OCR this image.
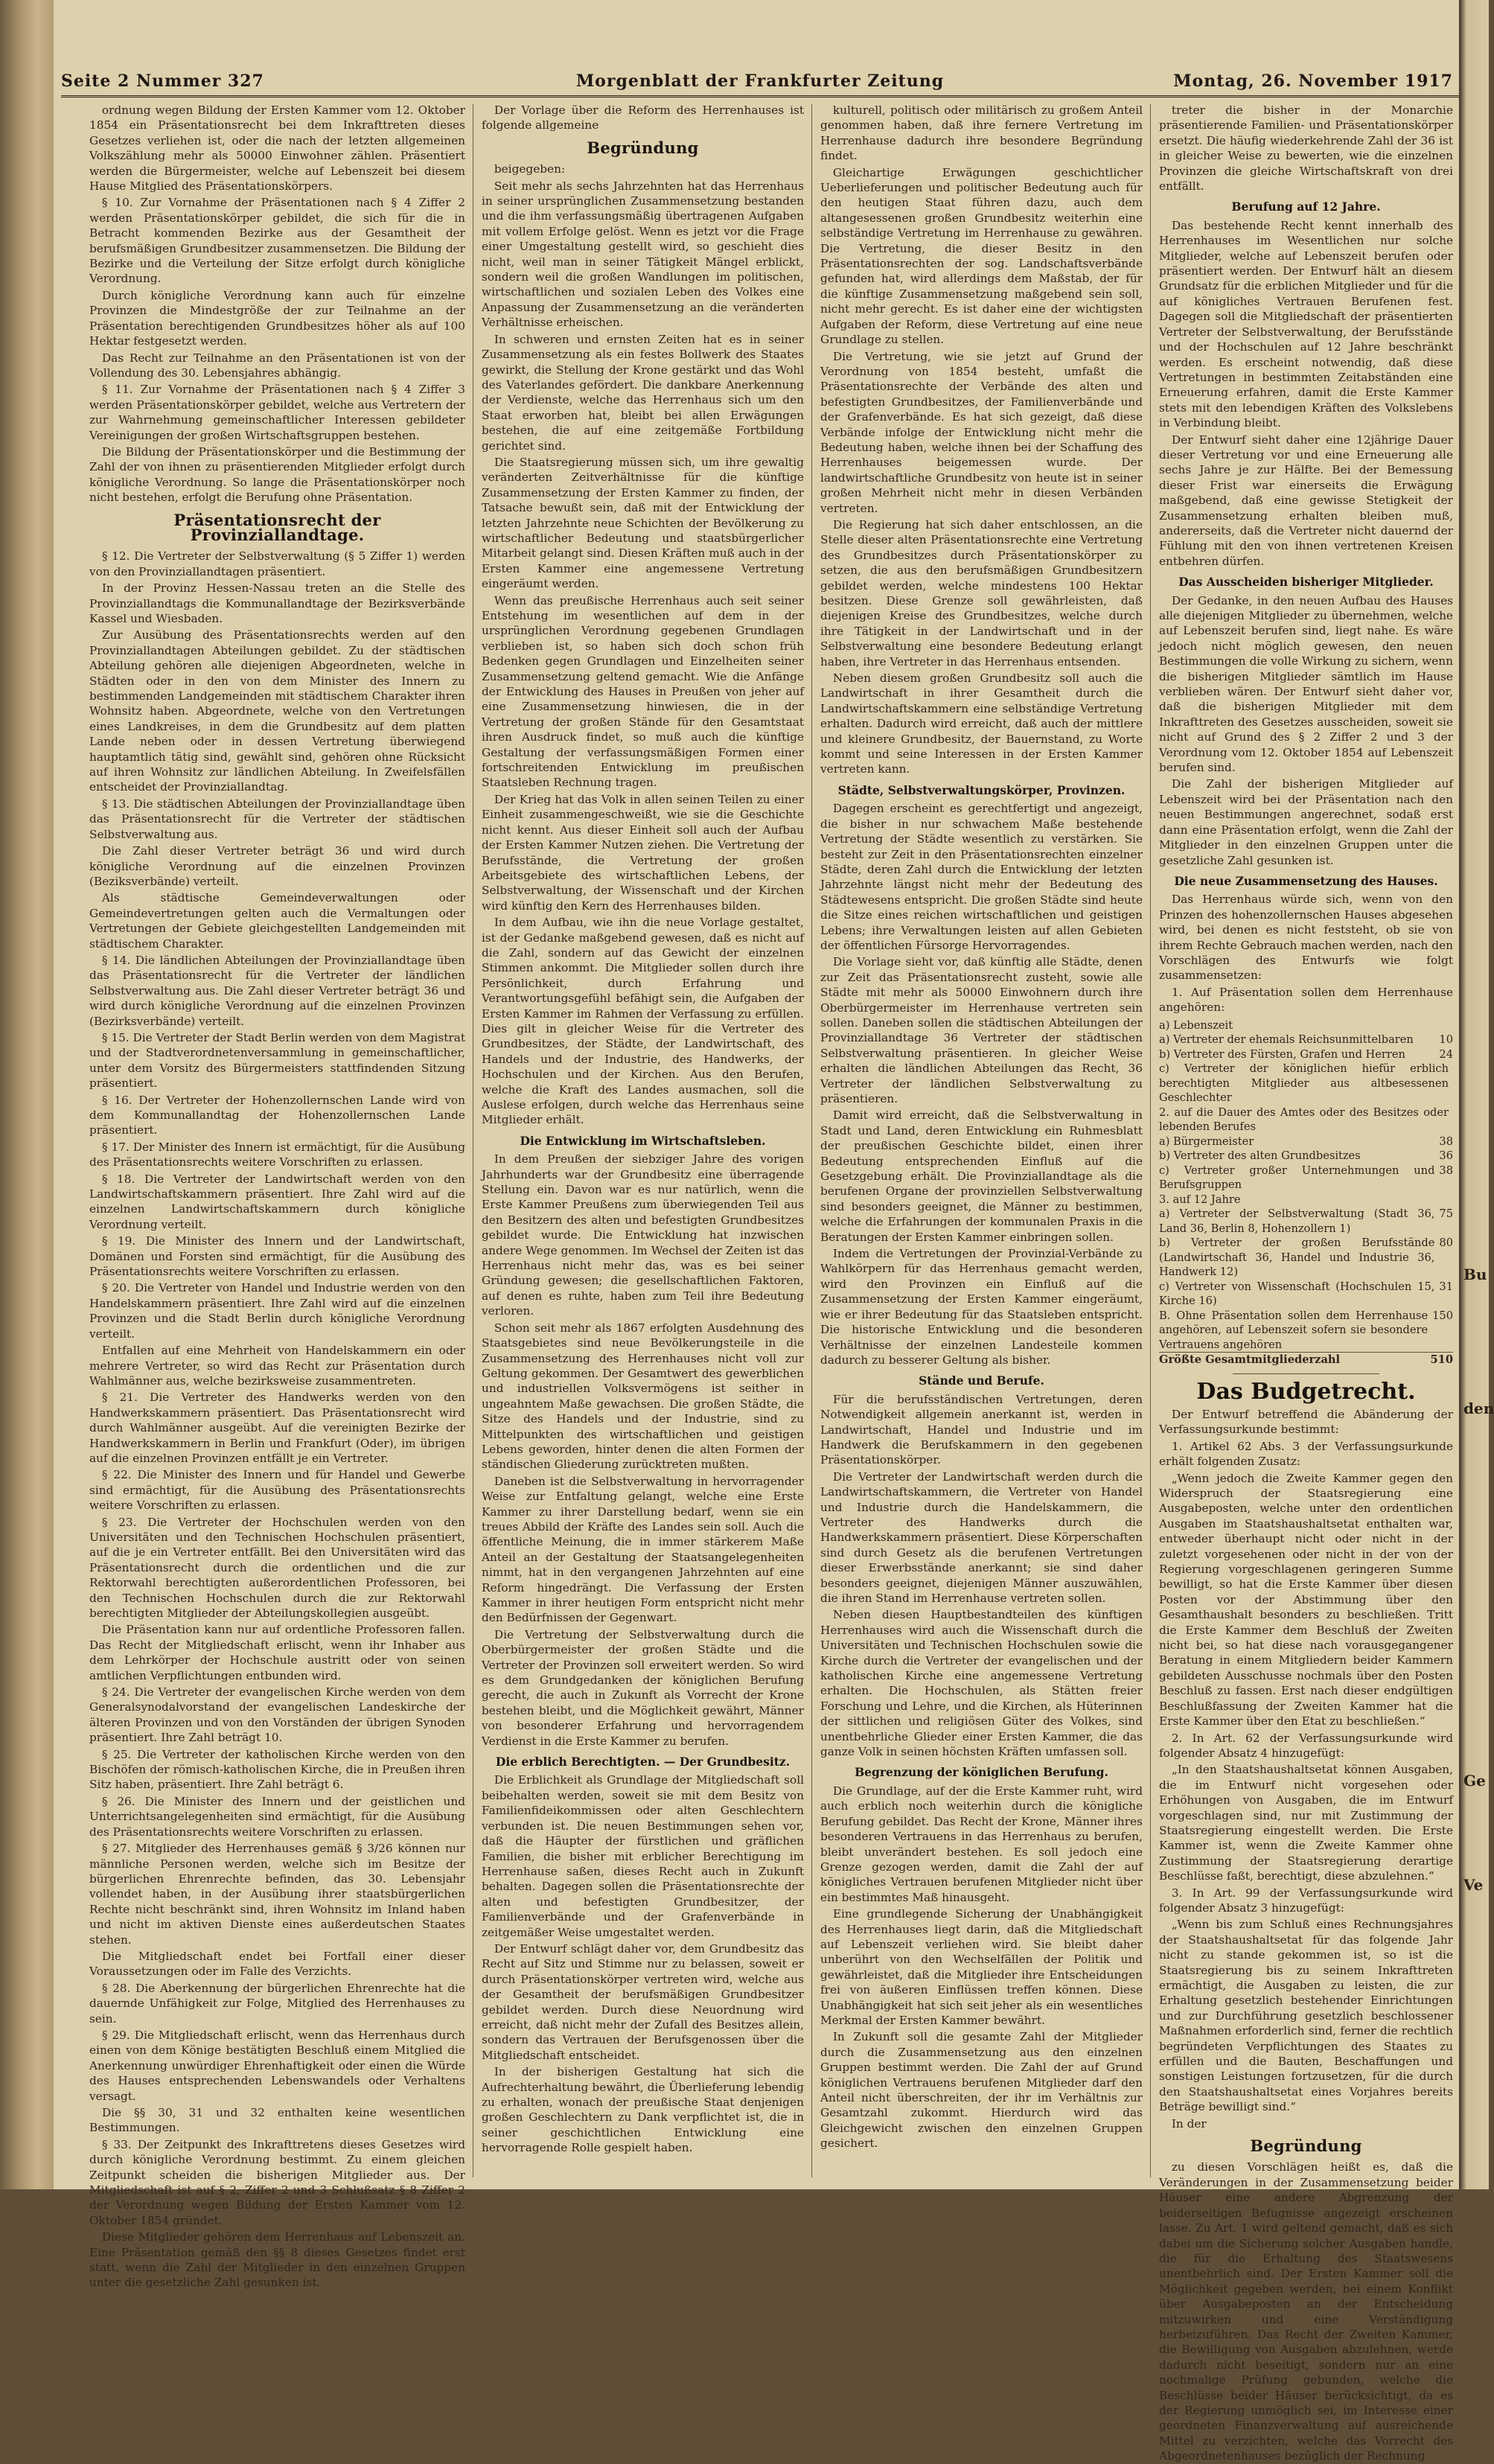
Seite 2 Nummer 327	Morgenblatt der Frankfurter Zeitung	Montag, 26. November 1917

ordnung wegen Bildung der Ersten Kammer vom 12. Oktober 1854 ein Präsentationsrecht bei dem Inkrafttreten dieses Gesetzes verliehen ist, oder die nach der letzten allgemeinen Volkszählung mehr als 50000 Einwohner zählen. Präsentiert werden die Bürgermeister, welche auf Lebenszeit bei diesem Hause Mitglied des Präsentationskörpers.

§ 10. Zur Vornahme der Präsentationen nach § 4 Ziffer 2 werden Präsentationskörper gebildet, die sich für die in Betracht kommenden Bezirke aus der Gesamtheit der berufsmäßigen Grundbesitzer zusammensetzen. Die Bildung der Bezirke und die Verteilung der Sitze erfolgt durch königliche Verordnung.

Durch königliche Verordnung kann auch für einzelne Provinzen die Mindestgröße der zur Teilnahme an der Präsentation berechtigenden Grundbesitzes höher als auf 100 Hektar festgesetzt werden.

Das Recht zur Teilnahme an den Präsentationen ist von der Vollendung des 30. Lebensjahres abhängig.

§ 11. Zur Vornahme der Präsentationen nach § 4 Ziffer 3 werden Präsentationskörper gebildet, welche aus Vertretern der zur Wahrnehmung gemeinschaftlicher Interessen gebildeter Vereinigungen der großen Wirtschaftsgruppen bestehen.

Die Bildung der Präsentationskörper und die Bestimmung der Zahl der von ihnen zu präsentierenden Mitglieder erfolgt durch königliche Verordnung. So lange die Präsentationskörper noch nicht bestehen, erfolgt die Berufung ohne Präsentation.

Präsentationsrecht der Provinziallandtage.

§ 12. Die Vertreter der Selbstverwaltung (§ 5 Ziffer 1) werden von den Provinziallandtagen präsentiert.

In der Provinz Hessen-Nassau treten an die Stelle des Provinziallandtags die Kommunallandtage der Bezirksverbände Kassel und Wiesbaden.

Zur Ausübung des Präsentationsrechts werden auf den Provinziallandtagen Abteilungen gebildet. Zu der städtischen Abteilung gehören alle diejenigen Abgeordneten, welche in Städten oder in den von dem Minister des Innern zu bestimmenden Landgemeinden mit städtischem Charakter ihren Wohnsitz haben. Abgeordnete, welche von den Vertretungen eines Landkreises, in dem die Grundbesitz auf dem platten Lande neben oder in dessen Vertretung überwiegend hauptamtlich tätig sind, gewählt sind, gehören ohne Rücksicht auf ihren Wohnsitz zur ländlichen Abteilung. In Zweifelsfällen entscheidet der Provinziallandtag.

§ 13. Die städtischen Abteilungen der Provinziallandtage üben das Präsentationsrecht für die Vertreter der städtischen Selbstverwaltung aus.

Die Zahl dieser Vertreter beträgt 36 und wird durch königliche Verordnung auf die einzelnen Provinzen (Beziksverbände) verteilt.

Als städtische Gemeindeverwaltungen oder Gemeindevertretungen gelten auch die Vermaltungen oder Vertretungen der Gebiete gleichgestellten Landgemeinden mit städtischem Charakter.

§ 14. Die ländlichen Abteilungen der Provinziallandtage üben das Präsentationsrecht für die Vertreter der ländlichen Selbstverwaltung aus. Die Zahl dieser Vertreter beträgt 36 und wird durch königliche Verordnung auf die einzelnen Provinzen (Bezirksverbände) verteilt.

§ 15. Die Vertreter der Stadt Berlin werden von dem Magistrat und der Stadtverordnetenversammlung in gemeinschaftlicher, unter dem Vorsitz des Bürgermeisters stattfindenden Sitzung präsentiert.

§ 16. Der Vertreter der Hohenzollernschen Lande wird von dem Kommunallandtag der Hohenzollernschen Lande präsentiert.

§ 17. Der Minister des Innern ist ermächtigt, für die Ausübung des Präsentationsrechts weitere Vorschriften zu erlassen.

§ 18. Die Vertreter der Landwirtschaft werden von den Landwirtschaftskammern präsentiert. Ihre Zahl wird auf die einzelnen Landwirtschaftskammern durch königliche Verordnung verteilt.

§ 19. Die Minister des Innern und der Landwirtschaft, Domänen und Forsten sind ermächtigt, für die Ausübung des Präsentationsrechts weitere Vorschriften zu erlassen.

§ 20. Die Vertreter von Handel und Industrie werden von den Handelskammern präsentiert. Ihre Zahl wird auf die einzelnen Provinzen und die Stadt Berlin durch königliche Verordnung verteilt.

Entfallen auf eine Mehrheit von Handelskammern ein oder mehrere Vertreter, so wird das Recht zur Präsentation durch Wahlmänner aus, welche bezirksweise zusammentreten.

§ 21. Die Vertreter des Handwerks werden von den Handwerkskammern präsentiert. Das Präsentationsrecht wird durch Wahlmänner ausgeübt. Auf die vereinigten Bezirke der Handwerkskammern in Berlin und Frankfurt (Oder), im übrigen auf die einzelnen Provinzen entfällt je ein Vertreter.

§ 22. Die Minister des Innern und für Handel und Gewerbe sind ermächtigt, für die Ausübung des Präsentationsrechts weitere Vorschriften zu erlassen.

§ 23. Die Vertreter der Hochschulen werden von den Universitäten und den Technischen Hochschulen präsentiert, auf die je ein Vertreter entfällt. Bei den Universitäten wird das Präsentationsrecht durch die ordentlichen und die zur Rektorwahl berechtigten außerordentlichen Professoren, bei den Technischen Hochschulen durch die zur Rektorwahl berechtigten Mitglieder der Abteilungskollegien ausgeübt.

Die Präsentation kann nur auf ordentliche Professoren fallen. Das Recht der Mitgliedschaft erlischt, wenn ihr Inhaber aus dem Lehrkörper der Hochschule austritt oder von seinen amtlichen Verpflichtungen entbunden wird.

§ 24. Die Vertreter der evangelischen Kirche werden von dem Generalsynodalvorstand der evangelischen Landeskirche der älteren Provinzen und von den Vorständen der übrigen Synoden präsentiert. Ihre Zahl beträgt 10.

§ 25. Die Vertreter der katholischen Kirche werden von den Bischöfen der römisch-katholischen Kirche, die in Preußen ihren Sitz haben, präsentiert. Ihre Zahl beträgt 6.

§ 26. Die Minister des Innern und der geistlichen und Unterrichtsangelegenheiten sind ermächtigt, für die Ausübung des Präsentationsrechts weitere Vorschriften zu erlassen.

§ 27. Mitglieder des Herrenhauses gemäß § 3/26 können nur männliche Personen werden, welche sich im Besitze der bürgerlichen Ehrenrechte befinden, das 30. Lebensjahr vollendet haben, in der Ausübung ihrer staatsbürgerlichen Rechte nicht beschränkt sind, ihren Wohnsitz im Inland haben und nicht im aktiven Dienste eines außerdeutschen Staates stehen.

Die Mitgliedschaft endet bei Fortfall einer dieser Voraussetzungen oder im Falle des Verzichts.

§ 28. Die Aberkennung der bürgerlichen Ehrenrechte hat die dauernde Unfähigkeit zur Folge, Mitglied des Herrenhauses zu sein.

§ 29. Die Mitgliedschaft erlischt, wenn das Herrenhaus durch einen von dem Könige bestätigten Beschluß einem Mitglied die Anerkennung unwürdiger Ehrenhaftigkeit oder einen die Würde des Hauses entsprechenden Lebenswandels oder Verhaltens versagt.

Die §§ 30, 31 und 32 enthalten keine wesentlichen Bestimmungen.

§ 33. Der Zeitpunkt des Inkrafttretens dieses Gesetzes wird durch königliche Verordnung bestimmt. Zu einem gleichen Zeitpunkt scheiden die bisherigen Mitglieder aus. Der Mitgliedschaft ist auf § 2, Ziffer 2 und 3 Schlußsatz § 8 Ziffer 2 der Verordnung wegen Bildung der Ersten Kammer vom 12. Oktober 1854 gründet.

Diese Mitglieder gehören dem Herrenhaus auf Lebenszeit an. Eine Präsentation gemäß den §§ 8 dieses Gesetzes findet erst statt, wenn die Zahl der Mitglieder in den einzelnen Gruppen unter die gesetzliche Zahl gesunken ist.

Der Vorlage über die Reform des Herrenhauses ist folgende allgemeine

Begründung

beigegeben:

Seit mehr als sechs Jahrzehnten hat das Herrenhaus in seiner ursprünglichen Zusammensetzung bestanden und die ihm verfassungsmäßig übertragenen Aufgaben mit vollem Erfolge gelöst. Wenn es jetzt vor die Frage einer Umgestaltung gestellt wird, so geschieht dies nicht, weil man in seiner Tätigkeit Mängel erblickt, sondern weil die großen Wandlungen im politischen, wirtschaftlichen und sozialen Leben des Volkes eine Anpassung der Zusammensetzung an die veränderten Verhältnisse erheischen.

In schweren und ernsten Zeiten hat es in seiner Zusammensetzung als ein festes Bollwerk des Staates gewirkt, die Stellung der Krone gestärkt und das Wohl des Vaterlandes gefördert. Die dankbare Anerkennung der Verdienste, welche das Herrenhaus sich um den Staat erworben hat, bleibt bei allen Erwägungen bestehen, die auf eine zeitgemäße Fortbildung gerichtet sind.

Die Staatsregierung müssen sich, um ihre gewaltig veränderten Zeitverhältnisse für die künftige Zusammensetzung der Ersten Kammer zu finden, der Tatsache bewußt sein, daß mit der Entwicklung der letzten Jahrzehnte neue Schichten der Bevölkerung zu wirtschaftlicher Bedeutung und staatsbürgerlicher Mitarbeit gelangt sind. Diesen Kräften muß auch in der Ersten Kammer eine angemessene Vertretung eingeräumt werden.

Wenn das preußische Herrenhaus auch seit seiner Entstehung im wesentlichen auf dem in der ursprünglichen Verordnung gegebenen Grundlagen verblieben ist, so haben sich doch schon früh Bedenken gegen Grundlagen und Einzelheiten seiner Zusammensetzung geltend gemacht. Wie die Anfänge der Entwicklung des Hauses in Preußen von jeher auf eine Zusammensetzung hinwiesen, die in der Vertretung der großen Stände für den Gesamtstaat ihren Ausdruck findet, so muß auch die künftige Gestaltung der verfassungsmäßigen Formen einer fortschreitenden Entwicklung im preußischen Staatsleben Rechnung tragen.

Der Krieg hat das Volk in allen seinen Teilen zu einer Einheit zusammengeschweißt, wie sie die Geschichte nicht kennt. Aus dieser Einheit soll auch der Aufbau der Ersten Kammer Nutzen ziehen. Die Vertretung der Berufsstände, die Vertretung der großen Arbeitsgebiete des wirtschaftlichen Lebens, der Selbstverwaltung, der Wissenschaft und der Kirchen wird künftig den Kern des Herrenhauses bilden.

In dem Aufbau, wie ihn die neue Vorlage gestaltet, ist der Gedanke maßgebend gewesen, daß es nicht auf die Zahl, sondern auf das Gewicht der einzelnen Stimmen ankommt. Die Mitglieder sollen durch ihre Persönlichkeit, durch Erfahrung und Verantwortungsgefühl befähigt sein, die Aufgaben der Ersten Kammer im Rahmen der Verfassung zu erfüllen. Dies gilt in gleicher Weise für die Vertreter des Grundbesitzes, der Städte, der Landwirtschaft, des Handels und der Industrie, des Handwerks, der Hochschulen und der Kirchen. Aus den Berufen, welche die Kraft des Landes ausmachen, soll die Auslese erfolgen, durch welche das Herrenhaus seine Mitglieder erhält.

Die Entwicklung im Wirtschaftsleben.

In dem Preußen der siebziger Jahre des vorigen Jahrhunderts war der Grundbesitz eine überragende Stellung ein. Davon war es nur natürlich, wenn die Erste Kammer Preußens zum überwiegenden Teil aus den Besitzern des alten und befestigten Grundbesitzes gebildet wurde. Die Entwicklung hat inzwischen andere Wege genommen. Im Wechsel der Zeiten ist das Herrenhaus nicht mehr das, was es bei seiner Gründung gewesen; die gesellschaftlichen Faktoren, auf denen es ruhte, haben zum Teil ihre Bedeutung verloren.

Schon seit mehr als 1867 erfolgten Ausdehnung des Staatsgebietes sind neue Bevölkerungsteile in die Zusammensetzung des Herrenhauses nicht voll zur Geltung gekommen. Der Gesamtwert des gewerblichen und industriellen Volksvermögens ist seither in ungeahntem Maße gewachsen. Die großen Städte, die Sitze des Handels und der Industrie, sind zu Mittelpunkten des wirtschaftlichen und geistigen Lebens geworden, hinter denen die alten Formen der ständischen Gliederung zurücktreten mußten.

Daneben ist die Selbstverwaltung in hervorragender Weise zur Entfaltung gelangt, welche eine Erste Kammer zu ihrer Darstellung bedarf, wenn sie ein treues Abbild der Kräfte des Landes sein soll. Auch die öffentliche Meinung, die in immer stärkerem Maße Anteil an der Gestaltung der Staatsangelegenheiten nimmt, hat in den vergangenen Jahrzehnten auf eine Reform hingedrängt. Die Verfassung der Ersten Kammer in ihrer heutigen Form entspricht nicht mehr den Bedürfnissen der Gegenwart.

Die Vertretung der Selbstverwaltung durch die Oberbürgermeister der großen Städte und die Vertreter der Provinzen soll erweitert werden. So wird es dem Grundgedanken der königlichen Berufung gerecht, die auch in Zukunft als Vorrecht der Krone bestehen bleibt, und die Möglichkeit gewährt, Männer von besonderer Erfahrung und hervorragendem Verdienst in die Erste Kammer zu berufen.

Die erblich Berechtigten. — Der Grundbesitz.

Die Erblichkeit als Grundlage der Mitgliedschaft soll beibehalten werden, soweit sie mit dem Besitz von Familienfideikommissen oder alten Geschlechtern verbunden ist. Die neuen Bestimmungen sehen vor, daß die Häupter der fürstlichen und gräflichen Familien, die bisher mit erblicher Berechtigung im Herrenhause saßen, dieses Recht auch in Zukunft behalten. Dagegen sollen die Präsentationsrechte der alten und befestigten Grundbesitzer, der Familienverbände und der Grafenverbände in zeitgemäßer Weise umgestaltet werden.

Der Entwurf schlägt daher vor, dem Grundbesitz das Recht auf Sitz und Stimme nur zu belassen, soweit er durch Präsentationskörper vertreten wird, welche aus der Gesamtheit der berufsmäßigen Grundbesitzer gebildet werden. Durch diese Neuordnung wird erreicht, daß nicht mehr der Zufall des Besitzes allein, sondern das Vertrauen der Berufsgenossen über die Mitgliedschaft entscheidet.

In der bisherigen Gestaltung hat sich die Aufrechterhaltung bewährt, die Überlieferung lebendig zu erhalten, wonach der preußische Staat denjenigen großen Geschlechtern zu Dank verpflichtet ist, die in seiner geschichtlichen Entwicklung eine hervorragende Rolle gespielt haben.

kulturell, politisch oder militärisch zu großem Anteil genommen haben, daß ihre fernere Vertretung im Herrenhause dadurch ihre besondere Begründung findet.

Gleichartige Erwägungen geschichtlicher Ueberlieferungen und politischer Bedeutung auch für den heutigen Staat führen dazu, auch dem altangesessenen großen Grundbesitz weiterhin eine selbständige Vertretung im Herrenhause zu gewähren. Die Vertretung, die dieser Besitz in den Präsentationsrechten der sog. Landschaftsverbände gefunden hat, wird allerdings dem Maßstab, der für die künftige Zusammensetzung maßgebend sein soll, nicht mehr gerecht. Es ist daher eine der wichtigsten Aufgaben der Reform, diese Vertretung auf eine neue Grundlage zu stellen.

Die Vertretung, wie sie jetzt auf Grund der Verordnung von 1854 besteht, umfaßt die Präsentationsrechte der Verbände des alten und befestigten Grundbesitzes, der Familienverbände und der Grafenverbände. Es hat sich gezeigt, daß diese Verbände infolge der Entwicklung nicht mehr die Bedeutung haben, welche ihnen bei der Schaffung des Herrenhauses beigemessen wurde. Der landwirtschaftliche Grundbesitz von heute ist in seiner großen Mehrheit nicht mehr in diesen Verbänden vertreten.

Die Regierung hat sich daher entschlossen, an die Stelle dieser alten Präsentationsrechte eine Vertretung des Grundbesitzes durch Präsentationskörper zu setzen, die aus den berufsmäßigen Grundbesitzern gebildet werden, welche mindestens 100 Hektar besitzen. Diese Grenze soll gewährleisten, daß diejenigen Kreise des Grundbesitzes, welche durch ihre Tätigkeit in der Landwirtschaft und in der Selbstverwaltung eine besondere Bedeutung erlangt haben, ihre Vertreter in das Herrenhaus entsenden.

Neben diesem großen Grundbesitz soll auch die Landwirtschaft in ihrer Gesamtheit durch die Landwirtschaftskammern eine selbständige Vertretung erhalten. Dadurch wird erreicht, daß auch der mittlere und kleinere Grundbesitz, der Bauernstand, zu Worte kommt und seine Interessen in der Ersten Kammer vertreten kann.

Städte, Selbstverwaltungskörper, Provinzen.

Dagegen erscheint es gerechtfertigt und angezeigt, die bisher in nur schwachem Maße bestehende Vertretung der Städte wesentlich zu verstärken. Sie besteht zur Zeit in den Präsentationsrechten einzelner Städte, deren Zahl durch die Entwicklung der letzten Jahrzehnte längst nicht mehr der Bedeutung des Städtewesens entspricht. Die großen Städte sind heute die Sitze eines reichen wirtschaftlichen und geistigen Lebens; ihre Verwaltungen leisten auf allen Gebieten der öffentlichen Fürsorge Hervorragendes.

Die Vorlage sieht vor, daß künftig alle Städte, denen zur Zeit das Präsentationsrecht zusteht, sowie alle Städte mit mehr als 50000 Einwohnern durch ihre Oberbürgermeister im Herrenhause vertreten sein sollen. Daneben sollen die städtischen Abteilungen der Provinziallandtage 36 Vertreter der städtischen Selbstverwaltung präsentieren. In gleicher Weise erhalten die ländlichen Abteilungen das Recht, 36 Vertreter der ländlichen Selbstverwaltung zu präsentieren.

Damit wird erreicht, daß die Selbstverwaltung in Stadt und Land, deren Entwicklung ein Ruhmesblatt der preußischen Geschichte bildet, einen ihrer Bedeutung entsprechenden Einfluß auf die Gesetzgebung erhält. Die Provinziallandtage als die berufenen Organe der provinziellen Selbstverwaltung sind besonders geeignet, die Männer zu bestimmen, welche die Erfahrungen der kommunalen Praxis in die Beratungen der Ersten Kammer einbringen sollen.

Indem die Vertretungen der Provinzial-Verbände zu Wahlkörpern für das Herrenhaus gemacht werden, wird den Provinzen ein Einfluß auf die Zusammensetzung der Ersten Kammer eingeräumt, wie er ihrer Bedeutung für das Staatsleben entspricht. Die historische Entwicklung und die besonderen Verhältnisse der einzelnen Landesteile kommen dadurch zu besserer Geltung als bisher.

Stände und Berufe.

Für die berufsständischen Vertretungen, deren Notwendigkeit allgemein anerkannt ist, werden in Landwirtschaft, Handel und Industrie und im Handwerk die Berufskammern in den gegebenen Präsentationskörper.

Die Vertreter der Landwirtschaft werden durch die Landwirtschaftskammern, die Vertreter von Handel und Industrie durch die Handelskammern, die Vertreter des Handwerks durch die Handwerkskammern präsentiert. Diese Körperschaften sind durch Gesetz als die berufenen Vertretungen dieser Erwerbsstände anerkannt; sie sind daher besonders geeignet, diejenigen Männer auszuwählen, die ihren Stand im Herrenhause vertreten sollen.

Neben diesen Hauptbestandteilen des künftigen Herrenhauses wird auch die Wissenschaft durch die Universitäten und Technischen Hochschulen sowie die Kirche durch die Vertreter der evangelischen und der katholischen Kirche eine angemessene Vertretung erhalten. Die Hochschulen, als Stätten freier Forschung und Lehre, und die Kirchen, als Hüterinnen der sittlichen und religiösen Güter des Volkes, sind unentbehrliche Glieder einer Ersten Kammer, die das ganze Volk in seinen höchsten Kräften umfassen soll.

Begrenzung der königlichen Berufung.

Die Grundlage, auf der die Erste Kammer ruht, wird auch erblich noch weiterhin durch die königliche Berufung gebildet. Das Recht der Krone, Männer ihres besonderen Vertrauens in das Herrenhaus zu berufen, bleibt unverändert bestehen. Es soll jedoch eine Grenze gezogen werden, damit die Zahl der auf königliches Vertrauen berufenen Mitglieder nicht über ein bestimmtes Maß hinausgeht.

Eine grundlegende Sicherung der Unabhängigkeit des Herrenhauses liegt darin, daß die Mitgliedschaft auf Lebenszeit verliehen wird. Sie bleibt daher unberührt von den Wechselfällen der Politik und gewährleistet, daß die Mitglieder ihre Entscheidungen frei von äußeren Einflüssen treffen können. Diese Unabhängigkeit hat sich seit jeher als ein wesentliches Merkmal der Ersten Kammer bewährt.

In Zukunft soll die gesamte Zahl der Mitglieder durch die Zusammensetzung aus den einzelnen Gruppen bestimmt werden. Die Zahl der auf Grund königlichen Vertrauens berufenen Mitglieder darf den Anteil nicht überschreiten, der ihr im Verhältnis zur Gesamtzahl zukommt. Hierdurch wird das Gleichgewicht zwischen den einzelnen Gruppen gesichert.

treter die bisher in der Monarchie präsentierende Familien- und Präsentationskörper ersetzt. Die häufig wiederkehrende Zahl der 36 ist in gleicher Weise zu bewerten, wie die einzelnen Provinzen die gleiche Wirtschaftskraft von drei entfällt.

Berufung auf 12 Jahre.

Das bestehende Recht kennt innerhalb des Herrenhauses im Wesentlichen nur solche Mitglieder, welche auf Lebenszeit berufen oder präsentiert werden. Der Entwurf hält an diesem Grundsatz für die erblichen Mitglieder und für die auf königliches Vertrauen Berufenen fest. Dagegen soll die Mitgliedschaft der präsentierten Vertreter der Selbstverwaltung, der Berufsstände und der Hochschulen auf 12 Jahre beschränkt werden. Es erscheint notwendig, daß diese Vertretungen in bestimmten Zeitabständen eine Erneuerung erfahren, damit die Erste Kammer stets mit den lebendigen Kräften des Volkslebens in Verbindung bleibt.

Der Entwurf sieht daher eine 12jährige Dauer dieser Vertretung vor und eine Erneuerung alle sechs Jahre je zur Hälfte. Bei der Bemessung dieser Frist war einerseits die Erwägung maßgebend, daß eine gewisse Stetigkeit der Zusammensetzung erhalten bleiben muß, andererseits, daß die Vertreter nicht dauernd der Fühlung mit den von ihnen vertretenen Kreisen entbehren dürfen.

Das Ausscheiden bisheriger Mitglieder.

Der Gedanke, in den neuen Aufbau des Hauses alle diejenigen Mitglieder zu übernehmen, welche auf Lebenszeit berufen sind, liegt nahe. Es wäre jedoch nicht möglich gewesen, den neuen Bestimmungen die volle Wirkung zu sichern, wenn die bisherigen Mitglieder sämtlich im Hause verblieben wären. Der Entwurf sieht daher vor, daß die bisherigen Mitglieder mit dem Inkrafttreten des Gesetzes ausscheiden, soweit sie nicht auf Grund des § 2 Ziffer 2 und 3 der Verordnung vom 12. Oktober 1854 auf Lebenszeit berufen sind.

Die Zahl der bisherigen Mitglieder auf Lebenszeit wird bei der Präsentation nach den neuen Bestimmungen angerechnet, sodaß erst dann eine Präsentation erfolgt, wenn die Zahl der Mitglieder in den einzelnen Gruppen unter die gesetzliche Zahl gesunken ist.

Die neue Zusammensetzung des Hauses.

Das Herrenhaus würde sich, wenn von den Prinzen des hohenzollernschen Hauses abgesehen wird, bei denen es nicht feststeht, ob sie von ihrem Rechte Gebrauch machen werden, nach den Vorschlägen des Entwurfs wie folgt zusammensetzen:

1. Auf Präsentation sollen dem Herrenhause angehören:

a) Lebenszeit
a) Vertreter der ehemals Reichsunmittelbaren	10
b) Vertreter des Fürsten, Grafen und Herren	24
c) Vertreter der königlichen hiefür erblich berechtigten Mitglieder aus altbesessenen Geschlechter
2. auf die Dauer des Amtes oder des Besitzes oder lebenden Berufes
a) Bürgermeister	38
b) Vertreter des alten Grundbesitzes	36
c) Vertreter großer Unternehmungen und Berufsgruppen
38
3. auf 12 Jahre
a) Vertreter der Selbstverwaltung (Stadt 36, Land 36, Berlin 8, Hohenzollern 1)
75
b) Vertreter der großen Berufsstände (Landwirtschaft 36, Handel und Industrie 36, Handwerk 12)
80
c) Vertreter von Wissenschaft (Hochschulen 15, Kirche 16)
31
B. Ohne Präsentation sollen dem Herrenhause angehören, auf Lebenszeit sofern sie besondere Vertrauens angehören
150
Größte Gesamtmitgliederzahl	510
Das Budgetrecht.

Der Entwurf betreffend die Abänderung der Verfassungsurkunde bestimmt:

1. Artikel 62 Abs. 3 der Verfassungsurkunde erhält folgenden Zusatz:

„Wenn jedoch die Zweite Kammer gegen den Widerspruch der Staatsregierung eine Ausgabeposten, welche unter den ordentlichen Ausgaben im Staatshaushaltsetat enthalten war, entweder überhaupt nicht oder nicht in der zuletzt vorgesehenen oder nicht in der von der Regierung vorgeschlagenen geringeren Summe bewilligt, so hat die Erste Kammer über diesen Posten vor der Abstimmung über den Gesamthaushalt besonders zu beschließen. Tritt die Erste Kammer dem Beschluß der Zweiten nicht bei, so hat diese nach vorausgegangener Beratung in einem Mitgliedern beider Kammern gebildeten Ausschusse nochmals über den Posten Beschluß zu fassen. Erst nach dieser endgültigen Beschlußfassung der Zweiten Kammer hat die Erste Kammer über den Etat zu beschließen.“

2. In Art. 62 der Verfassungsurkunde wird folgender Absatz 4 hinzugefügt:

„In den Staatshaushaltsetat können Ausgaben, die im Entwurf nicht vorgesehen oder Erhöhungen von Ausgaben, die im Entwurf vorgeschlagen sind, nur mit Zustimmung der Staatsregierung eingestellt werden. Die Erste Kammer ist, wenn die Zweite Kammer ohne Zustimmung der Staatsregierung derartige Beschlüsse faßt, berechtigt, diese abzulehnen.“

3. In Art. 99 der Verfassungsurkunde wird folgender Absatz 3 hinzugefügt:

„Wenn bis zum Schluß eines Rechnungsjahres der Staatshaushaltsetat für das folgende Jahr nicht zu stande gekommen ist, so ist die Staatsregierung bis zu seinem Inkrafttreten ermächtigt, die Ausgaben zu leisten, die zur Erhaltung gesetzlich bestehender Einrichtungen und zur Durchführung gesetzlich beschlossener Maßnahmen erforderlich sind, ferner die rechtlich begründeten Verpflichtungen des Staates zu erfüllen und die Bauten, Beschaffungen und sonstigen Leistungen fortzusetzen, für die durch den Staatshaushaltsetat eines Vorjahres bereits Beträge bewilligt sind.“

In der

Begründung

zu diesen Vorschlägen heißt es, daß die Veränderungen in der Zusammensetzung beider Häuser eine andere Abgrenzung der beiderseitigen Befugnisse angezeigt erscheinen lasse. Zu Art. 1 wird geltend gemacht, daß es sich dabei um die Sicherung solcher Ausgaben handle, die für die Erhaltung des Staatswesens unentbehrlich sind. Der Ersten Kammer soll die Möglichkeit gegeben werden, bei einem Konflikt über Ausgabeposten an der Entscheidung mitzuwirken und eine Verständigung herbeizuführen. Das Recht der Zweiten Kammer, die Bewilligung von Ausgaben abzulehnen, werde dadurch nicht beseitigt, sondern nur an eine nochmalige Prüfung gebunden, welche die Beschlüsse beider Häuser berücksichtigt, da es der Regierung unmöglich sei, im Interesse einer geordneten Finanzverwaltung auf ausreichende Mittel zu verzichten, welche das Vorrecht des Abgeordnetenhauses bezüglich der Rechnung

Bu
den
Ge
Ve
